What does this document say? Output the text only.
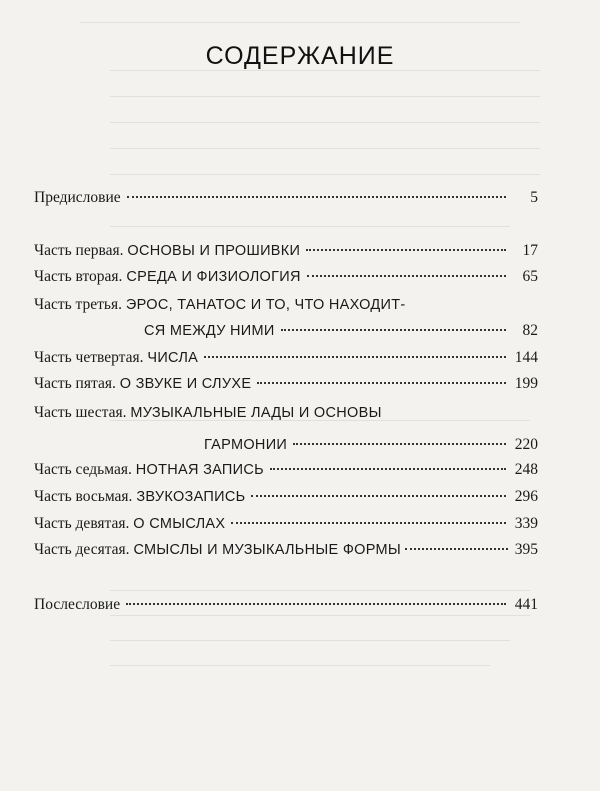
СОДЕРЖАНИЕ
Предисловие	5
Часть первая. ОСНОВЫ И ПРОШИВКИ	17
Часть вторая. СРЕДА И ФИЗИОЛОГИЯ	65
Часть третья. ЭРОС, ТАНАТОС И ТО, ЧТО НАХОДИТ-
СЯ МЕЖДУ НИМИ	82
Часть четвертая. ЧИСЛА	144
Часть пятая. О ЗВУКЕ И СЛУХЕ	199
Часть шестая. МУЗЫКАЛЬНЫЕ ЛАДЫ И ОСНОВЫ
ГАРМОНИИ	220
Часть седьмая. НОТНАЯ ЗАПИСЬ	248
Часть восьмая. ЗВУКОЗАПИСЬ	296
Часть девятая. О СМЫСЛАХ	339
Часть десятая. СМЫСЛЫ И МУЗЫКАЛЬНЫЕ ФОРМЫ	395
Послесловие	441
